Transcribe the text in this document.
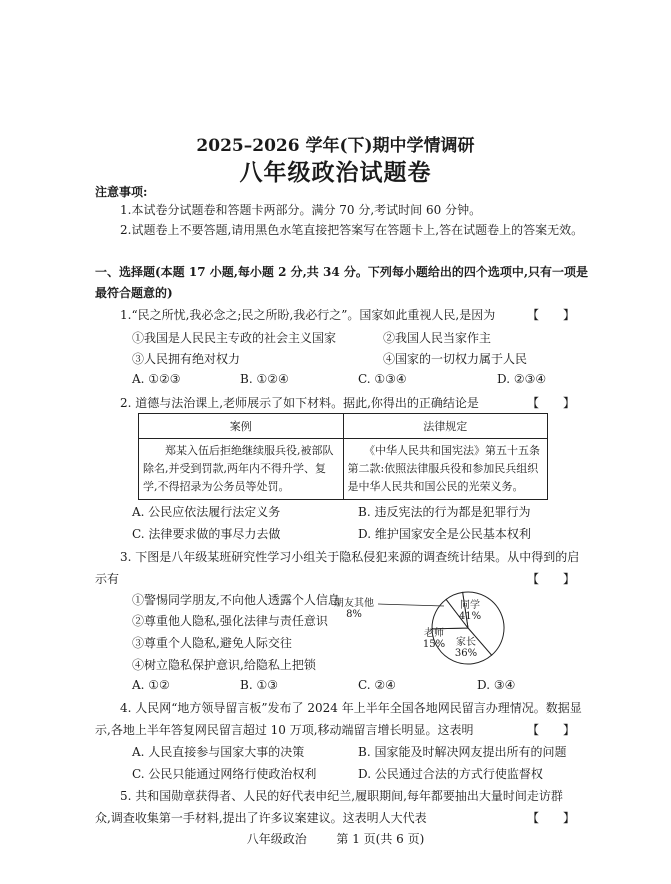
2025–2026 学年(下)期中学情调研
八年级政治试题卷
注意事项:
1.本试卷分试题卷和答题卡两部分。满分 70 分,考试时间 60 分钟。
2.试题卷上不要答题,请用黑色水笔直接把答案写在答题卡上,答在试题卷上的答案无效。
一、选择题(本题 17 小题,每小题 2 分,共 34 分。下列每小题给出的四个选项中,只有一项是
最符合题意的)
1.“民之所忧,我必念之;民之所盼,我必行之”。国家如此重视人民,是因为	【　　】
①我国是人民民主专政的社会主义国家	②我国人民当家作主
③人民拥有绝对权力	④国家的一切权力属于人民
A. ①②③	B. ①②④	C. ①③④	D. ②③④
2. 道德与法治课上,老师展示了如下材料。据此,你得出的正确结论是	【　　】
案例	法律规定
　　郑某入伍后拒绝继续服兵役,被部队除名,并受到罚款,两年内不得升学、复学,不得招录为公务员等处罚。	　　《中华人民共和国宪法》第五十五条第二款:依照法律服兵役和参加民兵组织是中华人民共和国公民的光荣义务。
A. 公民应依法履行法定义务	B. 违反宪法的行为都是犯罪行为
C. 法律要求做的事尽力去做	D. 维护国家安全是公民基本权利
3. 下图是八年级某班研究性学习小组关于隐私侵犯来源的调查统计结果。从中得到的启
示有	【　　】
①警惕同学朋友,不向他人透露个人信息
②尊重他人隐私,强化法律与责任意识
③尊重个人隐私,避免人际交往
④树立隐私保护意识,给隐私上把锁
同学
41%
家长
36%
老师
15%
朋友其他
8%
A. ①②	B. ①③	C. ②④	D. ③④
4. 人民网“地方领导留言板”发布了 2024 年上半年全国各地网民留言办理情况。数据显
示,各地上半年答复网民留言超过 10 万项,移动端留言增长明显。这表明	【　　】
A. 人民直接参与国家大事的决策	B. 国家能及时解决网友提出所有的问题
C. 公民只能通过网络行使政治权利	D. 公民通过合法的方式行使监督权
5. 共和国勋章获得者、人民的好代表申纪兰,履职期间,每年都要抽出大量时间走访群
众,调查收集第一手材料,提出了许多议案建议。这表明人大代表	【　　】
八年级政治 第 1 页(共 6 页)
